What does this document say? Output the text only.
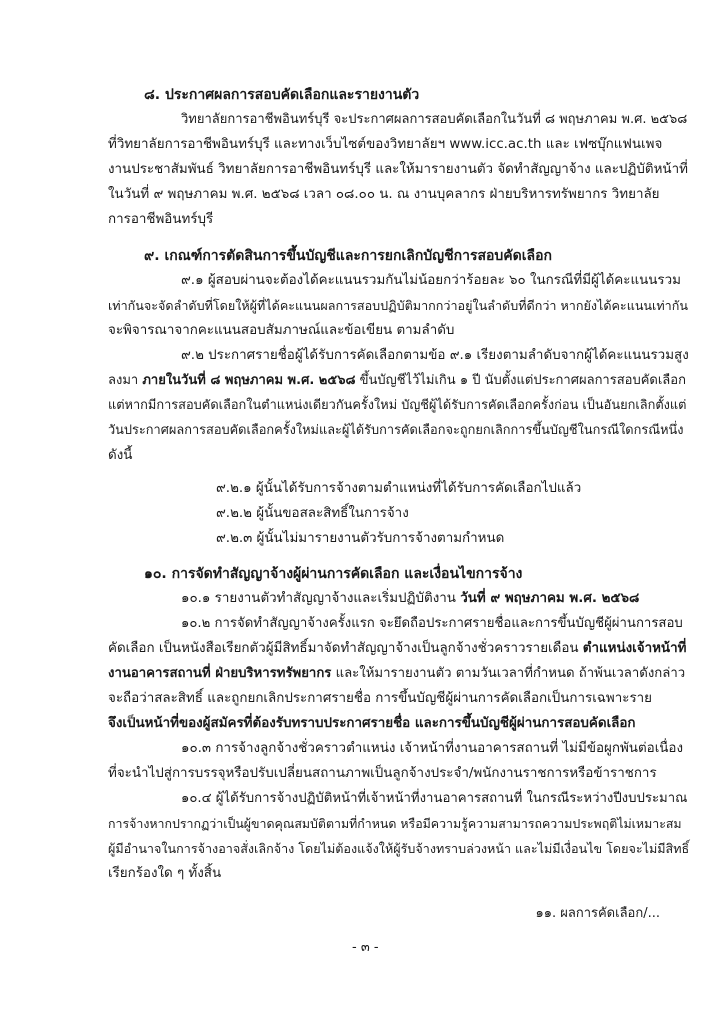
๘. ประกาศผลการสอบคัดเลือกและรายงานตัว
วิทยาลัยการอาชีพอินทร์บุรี จะประกาศผลการสอบคัดเลือกในวันที่ ๘ พฤษภาคม พ.ศ. ๒๕๖๘
ที่วิทยาลัยการอาชีพอินทร์บุรี และทางเว็บไซต์ของวิทยาลัยฯ www.icc.ac.th และ เฟซบุ๊กแฟนเพจ
งานประชาสัมพันธ์ วิทยาลัยการอาชีพอินทร์บุรี และให้มารายงานตัว จัดทำสัญญาจ้าง และปฏิบัติหน้าที่
ในวันที่ ๙ พฤษภาคม พ.ศ. ๒๕๖๘ เวลา ๐๘.๐๐ น. ณ งานบุคลากร ฝ่ายบริหารทรัพยากร วิทยาลัย
การอาชีพอินทร์บุรี
๙. เกณฑ์การตัดสินการขึ้นบัญชีและการยกเลิกบัญชีการสอบคัดเลือก
๙.๑ ผู้สอบผ่านจะต้องได้คะแนนรวมกันไม่น้อยกว่าร้อยละ ๖๐ ในกรณีที่มีผู้ได้คะแนนรวม
เท่ากันจะจัดลำดับที่โดยให้ผู้ที่ได้คะแนนผลการสอบปฏิบัติมากกว่าอยู่ในลำดับที่ดีกว่า หากยังได้คะแนนเท่ากัน
จะพิจารณาจากคะแนนสอบสัมภาษณ์และข้อเขียน ตามลำดับ
๙.๒ ประกาศรายชื่อผู้ได้รับการคัดเลือกตามข้อ ๙.๑ เรียงตามลำดับจากผู้ได้คะแนนรวมสูง
ลงมา ภายในวันที่ ๘ พฤษภาคม พ.ศ. ๒๕๖๘ ขึ้นบัญชีไว้ไม่เกิน ๑ ปี นับตั้งแต่ประกาศผลการสอบคัดเลือก
แต่หากมีการสอบคัดเลือกในตำแหน่งเดียวกันครั้งใหม่ บัญชีผู้ได้รับการคัดเลือกครั้งก่อน เป็นอันยกเลิกตั้งแต่
วันประกาศผลการสอบคัดเลือกครั้งใหม่และผู้ได้รับการคัดเลือกจะถูกยกเลิกการขึ้นบัญชีในกรณีใดกรณีหนึ่ง
ดังนี้
๙.๒.๑ ผู้นั้นได้รับการจ้างตามตำแหน่งที่ได้รับการคัดเลือกไปแล้ว
๙.๒.๒ ผู้นั้นขอสละสิทธิ์ในการจ้าง
๙.๒.๓ ผู้นั้นไม่มารายงานตัวรับการจ้างตามกำหนด
๑๐. การจัดทำสัญญาจ้างผู้ผ่านการคัดเลือก และเงื่อนไขการจ้าง
๑๐.๑ รายงานตัวทำสัญญาจ้างและเริ่มปฏิบัติงาน วันที่ ๙ พฤษภาคม พ.ศ. ๒๕๖๘
๑๐.๒ การจัดทำสัญญาจ้างครั้งแรก จะยึดถือประกาศรายชื่อและการขึ้นบัญชีผู้ผ่านการสอบ
คัดเลือก เป็นหนังสือเรียกตัวผู้มีสิทธิ์มาจัดทำสัญญาจ้างเป็นลูกจ้างชั่วคราวรายเดือน ตำแหน่งเจ้าหน้าที่
งานอาคารสถานที่ ฝ่ายบริหารทรัพยากร และให้มารายงานตัว ตามวันเวลาที่กำหนด ถ้าพ้นเวลาดังกล่าว
จะถือว่าสละสิทธิ์ และถูกยกเลิกประกาศรายชื่อ การขึ้นบัญชีผู้ผ่านการคัดเลือกเป็นการเฉพาะราย
จึงเป็นหน้าที่ของผู้สมัครที่ต้องรับทราบประกาศรายชื่อ และการขึ้นบัญชีผู้ผ่านการสอบคัดเลือก
๑๐.๓ การจ้างลูกจ้างชั่วคราวตำแหน่ง เจ้าหน้าที่งานอาคารสถานที่ ไม่มีข้อผูกพันต่อเนื่อง
ที่จะนำไปสู่การบรรจุหรือปรับเปลี่ยนสถานภาพเป็นลูกจ้างประจำ/พนักงานราชการหรือข้าราชการ
๑๐.๔ ผู้ได้รับการจ้างปฏิบัติหน้าที่เจ้าหน้าที่งานอาคารสถานที่ ในกรณีระหว่างปีงบประมาณ
การจ้างหากปรากฏว่าเป็นผู้ขาดคุณสมบัติตามที่กำหนด หรือมีความรู้ความสามารถความประพฤติไม่เหมาะสม
ผู้มีอำนาจในการจ้างอาจสั่งเลิกจ้าง โดยไม่ต้องแจ้งให้ผู้รับจ้างทราบล่วงหน้า และไม่มีเงื่อนไข โดยจะไม่มีสิทธิ์
เรียกร้องใด ๆ ทั้งสิ้น
๑๑. ผลการคัดเลือก/...
- ๓ -
